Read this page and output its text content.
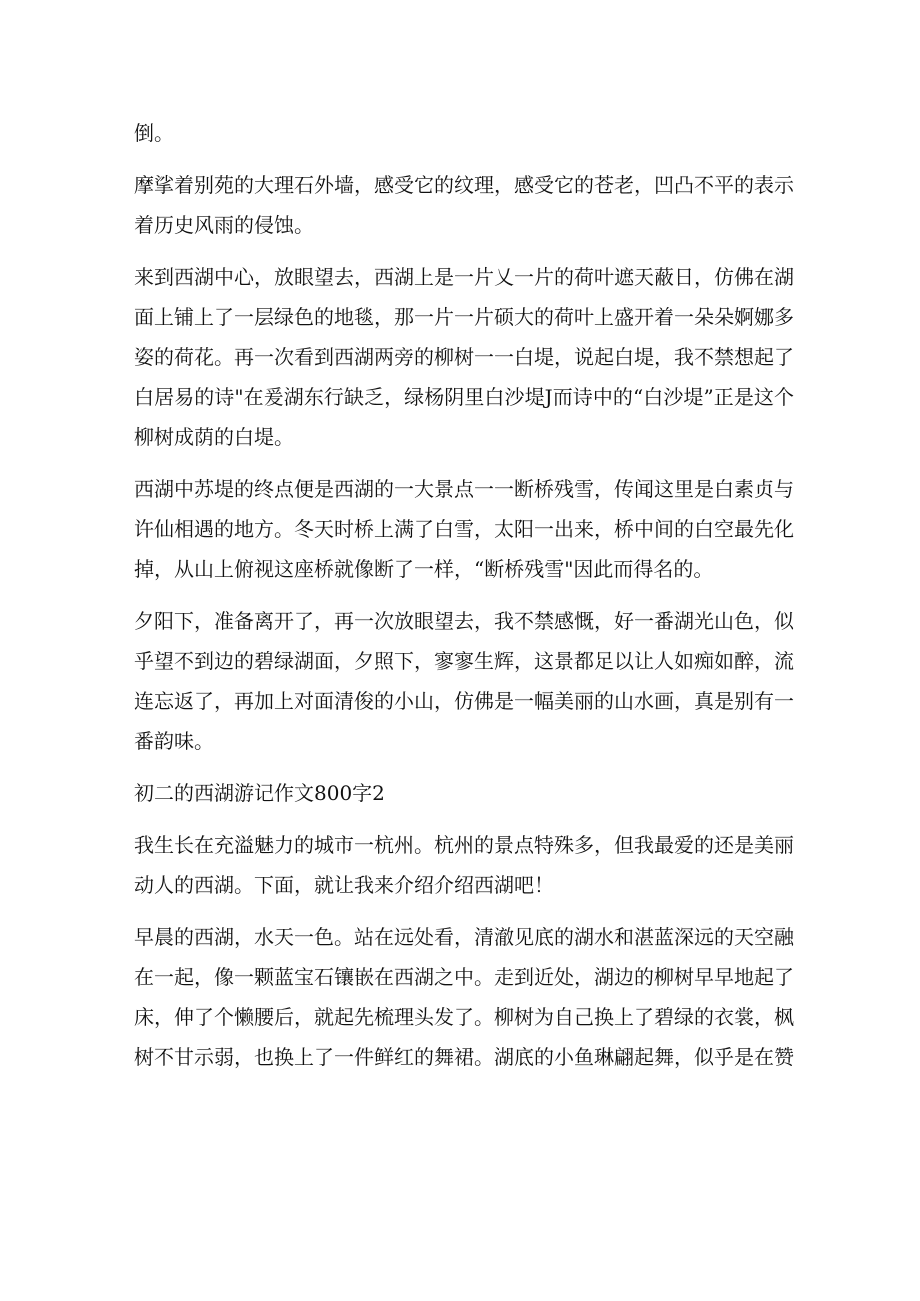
倒。

摩挲着别苑的大理石外墙，感受它的纹理，感受它的苍老，凹凸不平的表示着历史风雨的侵蚀。

来到西湖中心，放眼望去，西湖上是一片乂一片的荷叶遮天蔽日，仿佛在湖面上铺上了一层绿色的地毯，那一片一片硕大的荷叶上盛开着一朵朵婀娜多姿的荷花。再一次看到西湖两旁的柳树一一白堤，说起白堤，我不禁想起了白居易的诗"在爰湖东行缺乏，绿杨阴里白沙堤J而诗中的“白沙堤”正是这个柳树成荫的白堤。

西湖中苏堤的终点便是西湖的一大景点一一断桥残雪，传闻这里是白素贞与许仙相遇的地方。冬天时桥上满了白雪，太阳一出来，桥中间的白空最先化掉，从山上俯视这座桥就像断了一样，“断桥残雪"因此而得名的。

夕阳下，准备离开了，再一次放眼望去，我不禁感慨，好一番湖光山色，似乎望不到边的碧绿湖面，夕照下，寥寥生辉，这景都足以让人如痴如醉，流连忘返了，再加上对面清俊的小山，仿佛是一幅美丽的山水画，真是别有一番韵味。

初二的西湖游记作文800字2

我生长在充溢魅力的城市一杭州。杭州的景点特殊多，但我最爱的还是美丽动人的西湖。下面，就让我来介绍介绍西湖吧！

早晨的西湖，水天一色。站在远处看，清澈见底的湖水和湛蓝深远的天空融在一起，像一颗蓝宝石镶嵌在西湖之中。走到近处，湖边的柳树早早地起了床，伸了个懒腰后，就起先梳理头发了。柳树为自己换上了碧绿的衣裳，枫树不甘示弱，也换上了一件鲜红的舞裙。湖底的小鱼琳翩起舞，似乎是在赞
